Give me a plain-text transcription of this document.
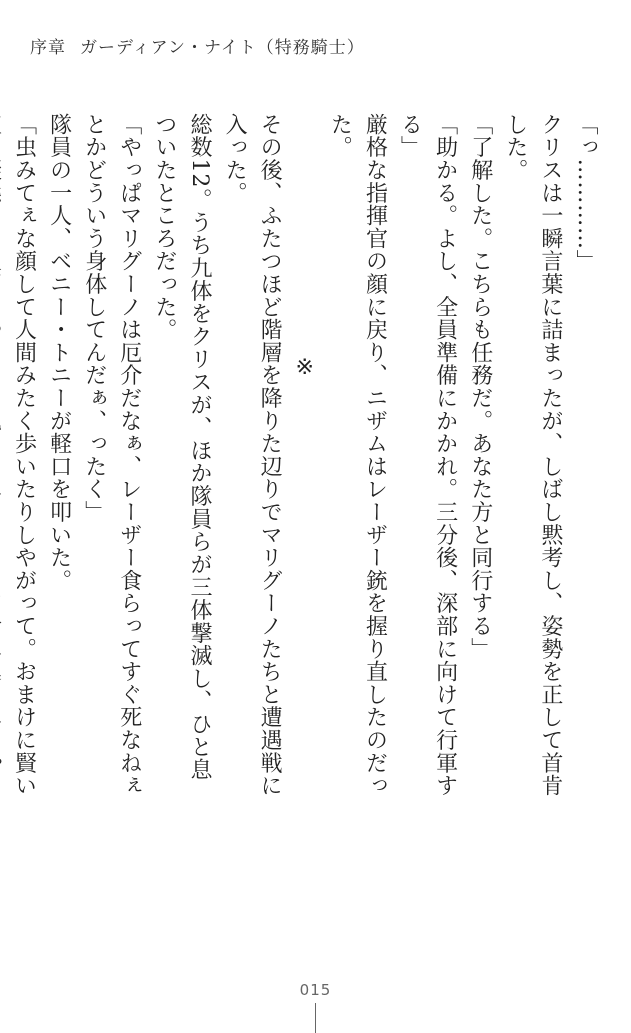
序章 ガーディアン・ナイト（特務騎士）

「っ…………」

クリスは一瞬言葉に詰まったが、しばし黙考し、姿勢を正して首肯した。

「了解した。こちらも任務だ。あなた方と同行する」

「助かる。よし、全員準備にかかれ。三分後、深部に向けて行軍する」

厳格な指揮官の顔に戻り、ニザムはレーザー銃を握り直したのだった。

※

その後、ふたつほど階層を降りた辺りでマリグーノたちと遭遇戦に入った。

総数12。うち九体をクリスが、ほか隊員らが三体撃滅し、ひと息ついたところだった。

「やっぱマリグーノは厄介だなぁ、レーザー食らってすぐ死なねぇとかどういう身体してんだぁ、ったく」

隊員の一人、ベニー・トニーが軽口を叩いた。

「虫みてぇな顔して人間みたく歩いたりしやがって。おまけに賢い

015
